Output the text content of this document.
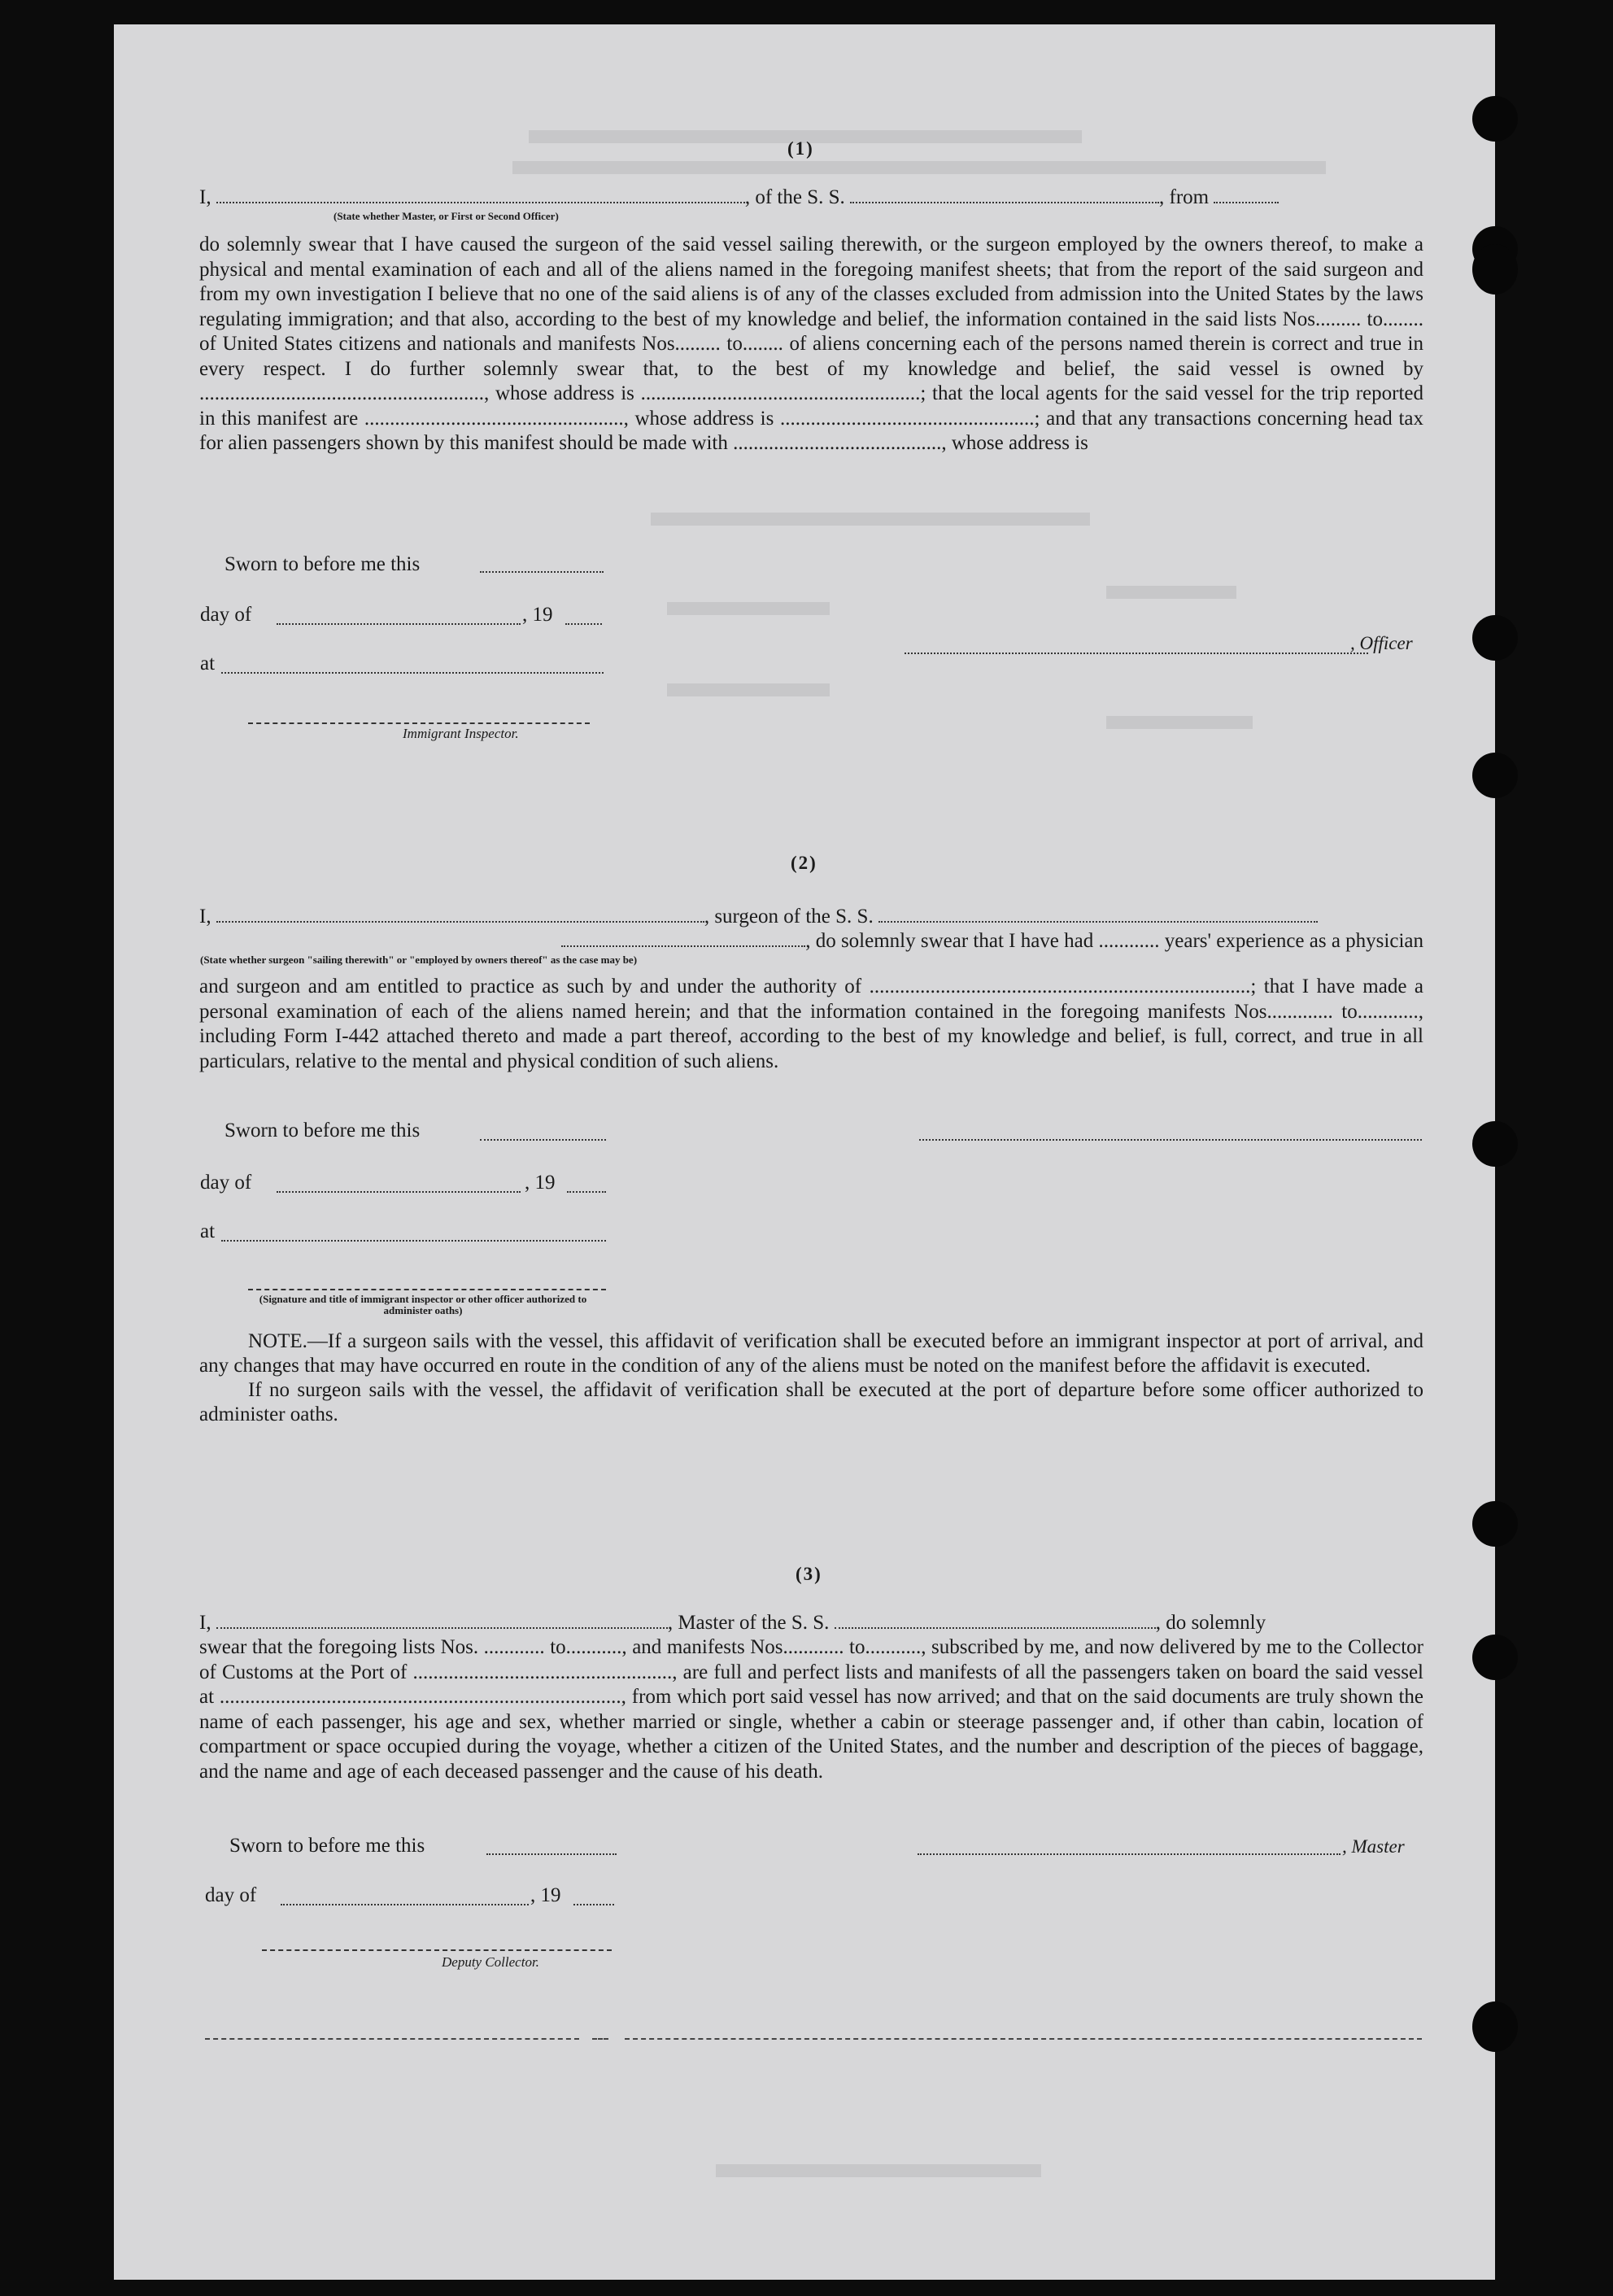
(1)
I,	, of the S. S.	, from
(State whether Master, or First or Second Officer)

do solemnly swear that I have caused the surgeon of the said vessel sailing therewith, or the surgeon employed by the owners thereof, to make a physical and mental examination of each and all of the aliens named in the foregoing manifest sheets; that from the report of the said surgeon and from my own investigation I believe that no one of the said aliens is of any of the classes excluded from admission into the United States by the laws regulating immigration; and that also, according to the best of my knowledge and belief, the information contained in the said lists Nos......... to........ of United States citizens and nationals and manifests Nos......... to........ of aliens concerning each of the persons named therein is correct and true in every respect. I do further solemnly swear that, to the best of my knowledge and belief, the said vessel is owned by ........................................................, whose address is .......................................................; that the local agents for the said vessel for the trip reported in this manifest are ..................................................., whose address is ..................................................; and that any transactions concerning head tax for alien passengers shown by this manifest should be made with ........................................., whose address is

Sworn to before me this
day of	, 19
at
Immigrant Inspector.
, Officer
(2)
I,	, surgeon of the S. S.
, do solemnly swear that I have had ............ years' experience as a physician
(State whether surgeon "sailing therewith" or "employed by owners thereof" as the case may be)

and surgeon and am entitled to practice as such by and under the authority of ...........................................................................; that I have made a personal examination of each of the aliens named herein; and that the information contained in the foregoing manifests Nos............. to............, including Form I-442 attached thereto and made a part thereof, according to the best of my knowledge and belief, is full, correct, and true in all particulars, relative to the mental and physical condition of such aliens.

Sworn to before me this
day of	, 19
at
(Signature and title of immigrant inspector or other officer authorized to administer oaths)

NOTE.—If a surgeon sails with the vessel, this affidavit of verification shall be executed before an immigrant inspector at port of arrival, and any changes that may have occurred en route in the condition of any of the aliens must be noted on the manifest before the affidavit is executed.

If no surgeon sails with the vessel, the affidavit of verification shall be executed at the port of departure before some officer authorized to administer oaths.

(3)
I,	, Master of the S. S.	, do solemnly

swear that the foregoing lists Nos. ............ to..........., and manifests Nos............ to..........., subscribed by me, and now delivered by me to the Collector of Customs at the Port of ..................................................., are full and perfect lists and manifests of all the passengers taken on board the said vessel at ..............................................................................., from which port said vessel has now arrived; and that on the said documents are truly shown the name of each passenger, his age and sex, whether married or single, whether a cabin or steerage passenger and, if other than cabin, location of compartment or space occupied during the voyage, whether a citizen of the United States, and the number and description of the pieces of baggage, and the name and age of each deceased passenger and the cause of his death.

Sworn to before me this
day of	, 19
Deputy Collector.
, Master
